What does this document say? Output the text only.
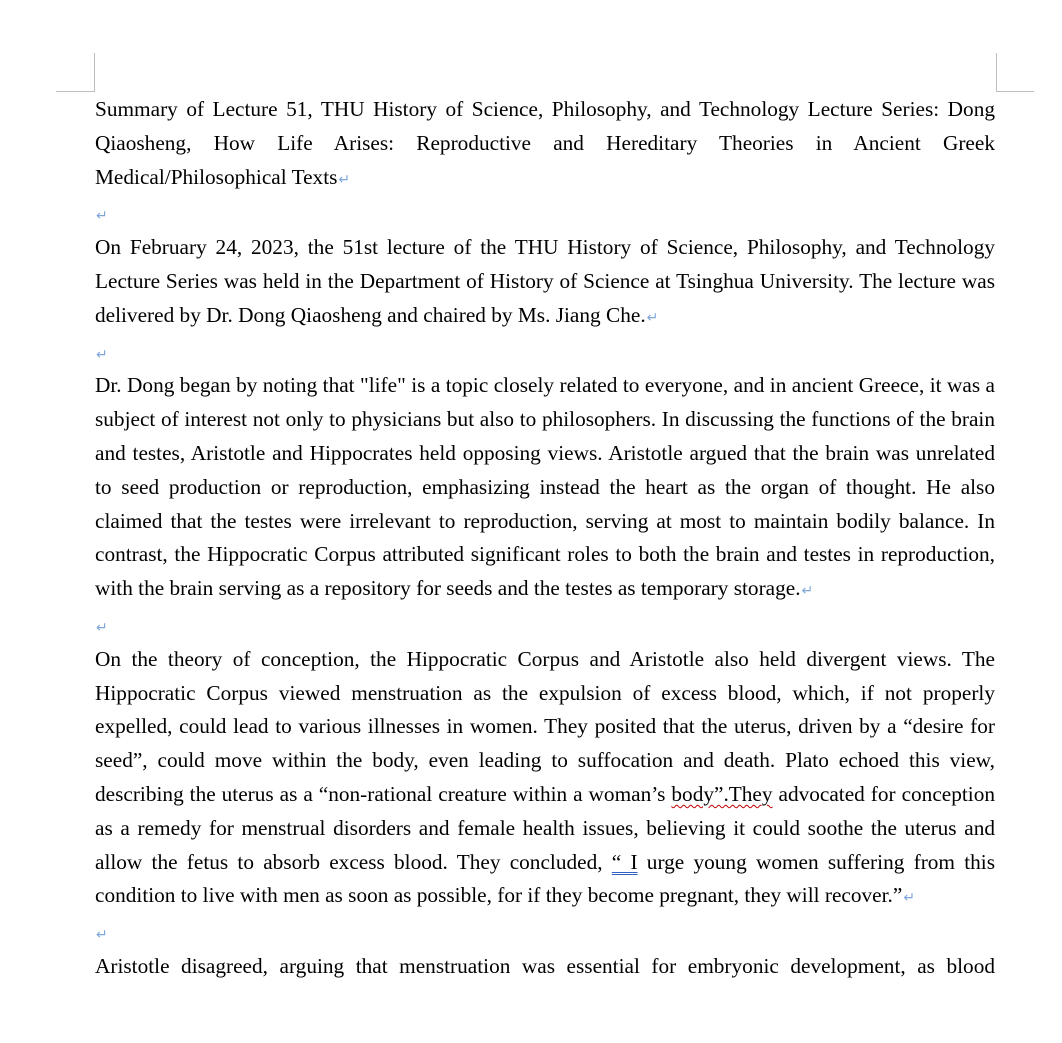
Summary of Lecture 51, THU History of Science, Philosophy, and Technology Lecture Series: Dong Qiaosheng, How Life Arises: Reproductive and Hereditary Theories in Ancient Greek Medical/Philosophical Texts↵

↵

On February 24, 2023, the 51st lecture of the THU History of Science, Philosophy, and Technology Lecture Series was held in the Department of History of Science at Tsinghua University. The lecture was delivered by Dr. Dong Qiaosheng and chaired by Ms. Jiang Che.↵

↵

Dr. Dong began by noting that "life" is a topic closely related to everyone, and in ancient Greece, it was a subject of interest not only to physicians but also to philosophers. In discussing the functions of the brain and testes, Aristotle and Hippocrates held opposing views. Aristotle argued that the brain was unrelated to seed production or reproduction, emphasizing instead the heart as the organ of thought. He also claimed that the testes were irrelevant to reproduction, serving at most to maintain bodily balance. In contrast, the Hippocratic Corpus attributed significant roles to both the brain and testes in reproduction, with the brain serving as a repository for seeds and the testes as temporary storage.↵

↵

On the theory of conception, the Hippocratic Corpus and Aristotle also held divergent views. The Hippocratic Corpus viewed menstruation as the expulsion of excess blood, which, if not properly expelled, could lead to various illnesses in women. They posited that the uterus, driven by a “desire for seed”, could move within the body, even leading to suffocation and death. Plato echoed this view, describing the uterus as a “non-rational creature within a woman’s body”.They advocated for conception as a remedy for menstrual disorders and female health issues, believing it could soothe the uterus and allow the fetus to absorb excess blood. They concluded, “ I urge young women suffering from this condition to live with men as soon as possible, for if they become pregnant, they will recover.”↵

↵

Aristotle disagreed, arguing that menstruation was essential for embryonic development, as blood
